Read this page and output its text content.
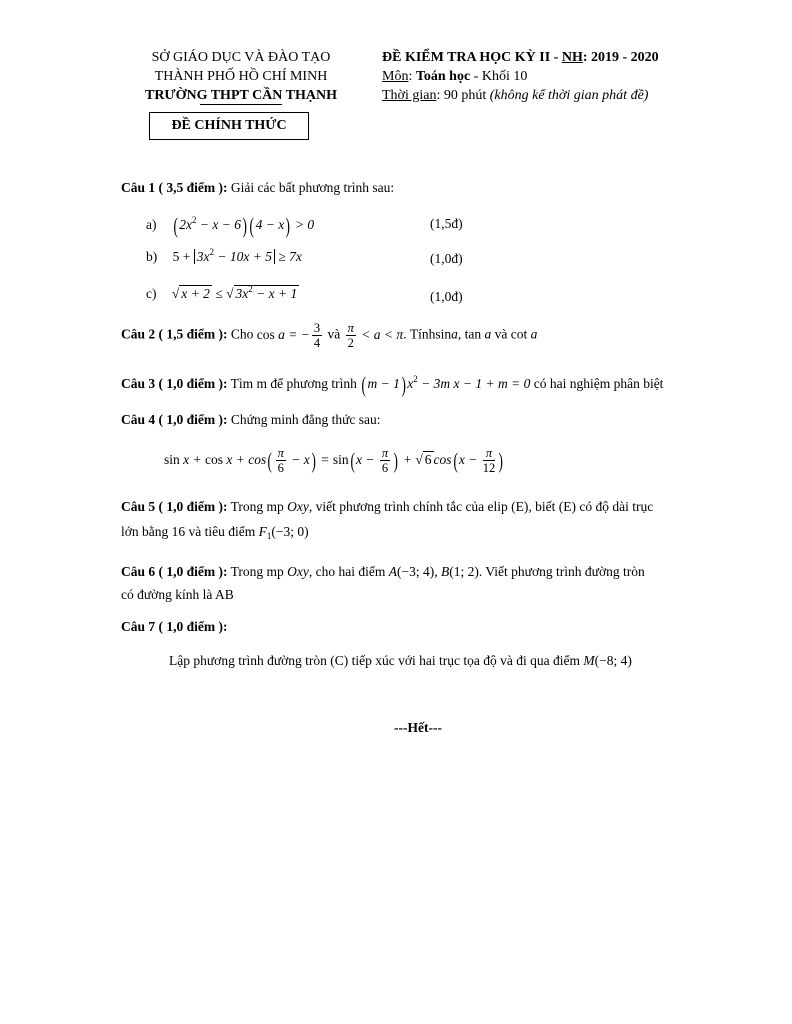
SỞ GIÁO DỤC VÀ ĐÀO TẠO
THÀNH PHỐ HỒ CHÍ MINH
TRƯỜNG THPT CẦN THẠNH
ĐỀ KIỂM TRA HỌC KỲ II - NH: 2019 - 2020
Môn: Toán học - Khối 10
Thời gian: 90 phút (không kể thời gian phát đề)
ĐỀ CHÍNH THỨC
Câu 1 ( 3,5 điểm ): Giải các bất phương trình sau:
a) $(2x^2 - x - 6) (4 - x) > 0$	(1,5đ)
b) $5 + 3x^2 - 10x + 5 \ge 7x$	(1,0đ)
c) √ x + 2 ≤ √ $3x^2 - x + 1$	(1,0đ)
Câu 2 ( 1,5 điểm ): Cho cos a = − $\frac{3}{4}$ và $\frac{\pi}{2} < a < \pi$. Tínhsina, tan a và cot a
Câu 3 ( 1,0 điểm ): Tìm m để phương trình $(m - 1)x^2 - 3m$ x − 1 + m = 0 có hai nghiệm phân biệt
Câu 4 ( 1,0 điểm ): Chứng minh đẳng thức sau:
$\sin x + \cos x + \cos( \frac{\pi}{6} - x) = \sin(x - \frac{\pi}{6}$ ) + √ 6 $\cos(x - \frac{\pi}{12}$ )
Câu 5 ( 1,0 điểm ): Trong mp Oxy, viết phương trình chính tắc của elip (E), biết (E) có độ dài trục
lớn bằng 16 và tiêu điểm $F_1(-3$; 0)
Câu 6 ( 1,0 điểm ): Trong mp Oxy, cho hai điểm A(−3; 4), B(1; 2). Viết phương trình đường tròn
có đường kính là AB
Câu 7 ( 1,0 điểm ):
Lập phương trình đường tròn (C) tiếp xúc với hai trục tọa độ và đi qua điểm M(−8; 4)
---Hết---
